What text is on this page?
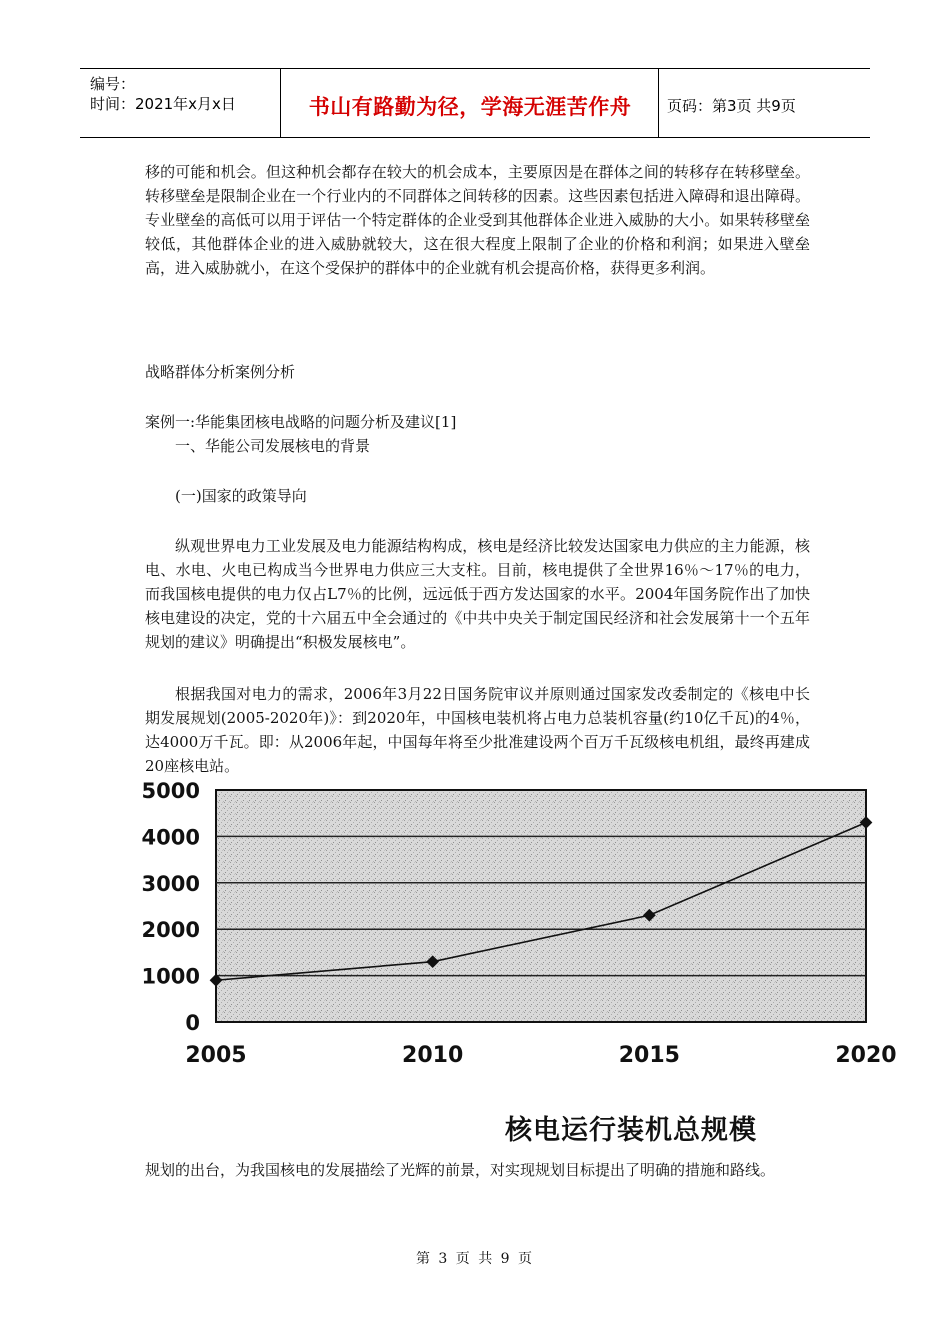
编号：
时间：2021年x月x日	书山有路勤为径，学海无涯苦作舟	页码：第3页 共9页

移的可能和机会。但这种机会都存在较大的机会成本，主要原因是在群体之间的转移存在转移壁垒。转移壁垒是限制企业在一个行业内的不同群体之间转移的因素。这些因素包括进入障碍和退出障碍。专业壁垒的高低可以用于评估一个特定群体的企业受到其他群体企业进入威胁的大小。如果转移壁垒较低，其他群体企业的进入威胁就较大，这在很大程度上限制了企业的价格和利润；如果进入壁垒高，进入威胁就小，在这个受保护的群体中的企业就有机会提高价格，获得更多利润。

战略群体分析案例分析
案例一:华能集团核电战略的问题分析及建议[1]
一、华能公司发展核电的背景
(一)国家的政策导向

纵观世界电力工业发展及电力能源结构构成，核电是经济比较发达国家电力供应的主力能源，核电、水电、火电已构成当今世界电力供应三大支柱。目前，核电提供了全世界16％～17％的电力，而我国核电提供的电力仅占L7％的比例，远远低于西方发达国家的水平。2004年国务院作出了加快核电建设的决定，党的十六届五中全会通过的《中共中央关于制定国民经济和社会发展第十一个五年规划的建议》明确提出“积极发展核电”。

根据我国对电力的需求，2006年3月22日国务院审议并原则通过国家发改委制定的《核电中长期发展规划(2005-2020年)》：到2020年，中国核电装机将占电力总装机容量(约10亿千瓦)的4％，达4000万千瓦。即：从2006年起，中国每年将至少批准建设两个百万千瓦级核电机组，最终再建成20座核电站。

0
1000
2000
3000
4000
5000
2005	2010	2015	2020
核电运行装机总规模

规划的出台，为我国核电的发展描绘了光辉的前景，对实现规划目标提出了明确的措施和路线。

第 3 页 共 9 页
